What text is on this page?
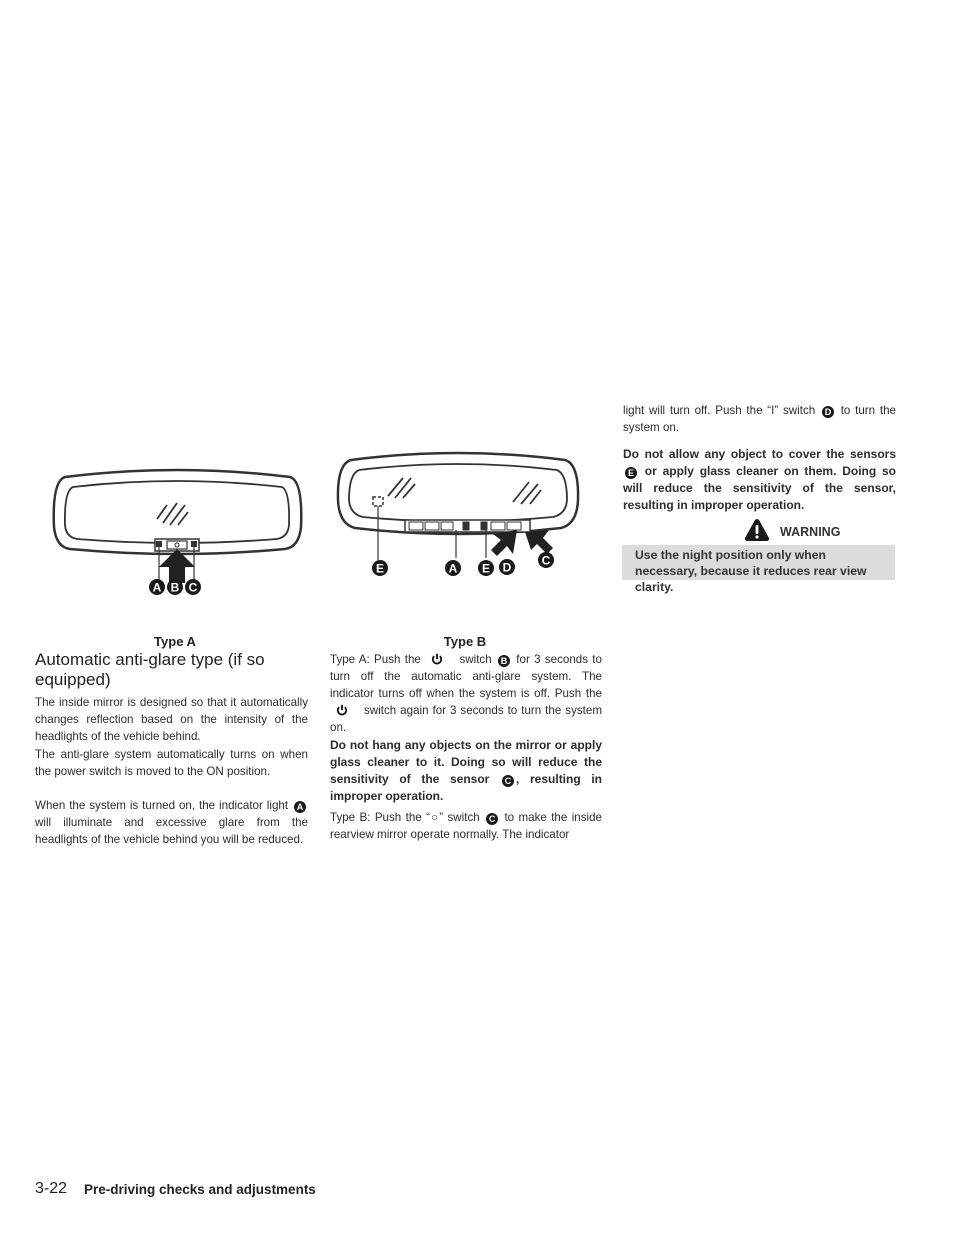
A B C
Type A
E	A E D	C
Type B
Automatic anti-glare type (if so equipped)

The inside mirror is designed so that it automatically changes reflection based on the intensity of the headlights of the vehicle behind.

The anti-glare system automatically turns on when the power switch is moved to the ON position.

When the system is turned on, the indicator light A will illuminate and excessive glare from the headlights of the vehicle behind you will be reduced.

Type A: Push the	switch B for 3 seconds to turn off the automatic anti-glare system. The indicator turns off when the system is off. Push the  switch again for 3 seconds to turn the system on.

Do not hang any objects on the mirror or apply glass cleaner to it. Doing so will reduce the sensitivity of the sensor C , resulting in improper operation.

Type B: Push the “○” switch C to make the inside rearview mirror operate normally. The indicator

light will turn off. Push the “I” switch D to turn the system on.

Do not allow any object to cover the sensors E or apply glass cleaner on them. Doing so will reduce the sensitivity of the sensor, resulting in improper operation.

WARNING
Use the night position only when necessary, because it reduces rear view clarity.
3-22 Pre-driving checks and adjustments
